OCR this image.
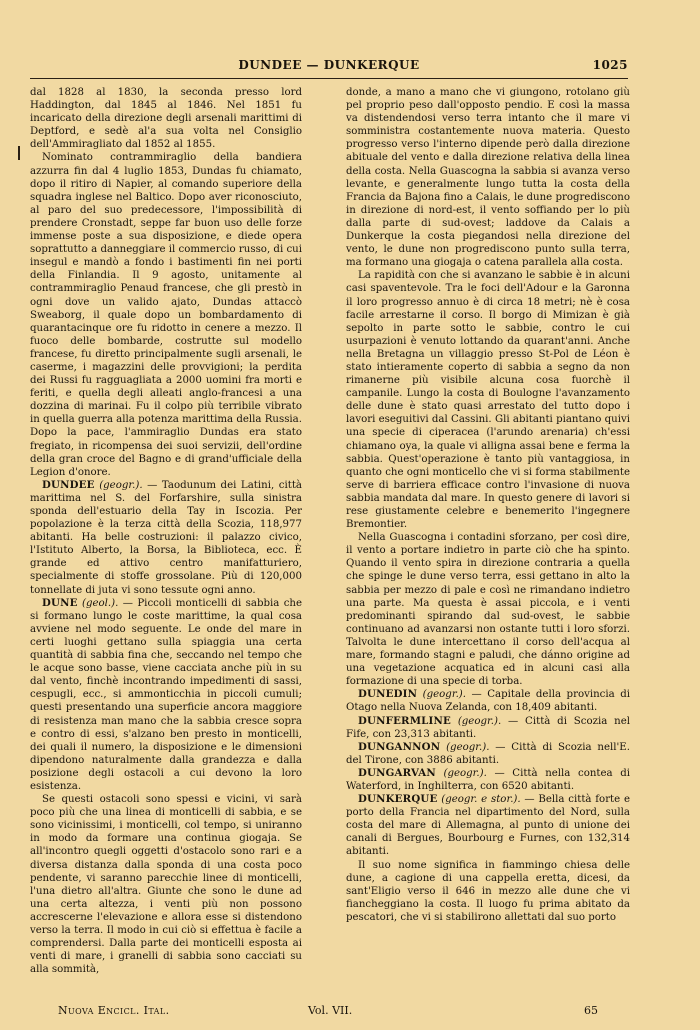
DUNDEE — DUNKERQUE	1025

dal 1828 al 1830, la seconda presso lord Haddington, dal 1845 al 1846. Nel 1851 fu incaricato della direzione degli arsenali marittimi di Deptford, e sedè al'a sua volta nel Consiglio dell'Ammiragliato dal 1852 al 1855.

Nominato contrammiraglio della bandiera azzurra fin dal 4 luglio 1853, Dundas fu chiamato, dopo il ritiro di Napier, al comando superiore della squadra inglese nel Baltico. Dopo aver riconosciuto, al paro del suo predecessore, l'impossibilità di prendere Cronstadt, seppe far buon uso delle forze immense poste a sua disposizione, e diede opera soprattutto a danneggiare il commercio russo, di cui insegul e mandò a fondo i bastimenti fin nei porti della Finlandia. Il 9 agosto, unitamente al contrammiraglio Penaud francese, che gli prestò in ogni dove un valido ajato, Dundas attaccò Sweaborg, il quale dopo un bombardamento di quarantacinque ore fu ridotto in cenere a mezzo. Il fuoco delle bombarde, costrutte sul modello francese, fu diretto principalmente sugli arsenali, le caserme, i magazzini delle provvigioni; la perdita dei Russi fu ragguagliata a 2000 uomini fra morti e feriti, e quella degli alleati anglo-francesi a una dozzina di marinai. Fu il colpo più terribile vibrato in quella guerra alla potenza marittima della Russia. Dopo la pace, l'ammiraglio Dundas era stato fregiato, in ricompensa dei suoi servizii, dell'ordine della gran croce del Bagno e di grand'ufficiale della Legion d'onore.

DUNDEE (geogr.). — Taodunum dei Latini, città marittima nel S. del Forfarshire, sulla sinistra sponda dell'estuario della Tay in Iscozia. Per popolazione è la terza città della Scozia, 118,977 abitanti. Ha belle costruzioni: il palazzo civico, l'Istituto Alberto, la Borsa, la Biblioteca, ecc. È grande ed attivo centro manifatturiero, specialmente di stoffe grossolane. Più di 120,000 tonnellate di juta vi sono tessute ogni anno.

DUNE (geol.). — Piccoli monticelli di sabbia che si formano lungo le coste marittime, la qual cosa avviene nel modo seguente. Le onde del mare in certi luoghi gettano sulla spiaggia una certa quantità di sabbia fina che, seccando nel tempo che le acque sono basse, viene cacciata anche più in su dal vento, finchè incontrando impedimenti di sassi, cespugli, ecc., si ammonticchia in piccoli cumuli; questi presentando una superficie ancora maggiore di resistenza man mano che la sabbia cresce sopra e contro di essi, s'alzano ben presto in monticelli, dei quali il numero, la disposizione e le dimensioni dipendono naturalmente dalla grandezza e dalla posizione degli ostacoli a cui devono la loro esistenza.

Se questi ostacoli sono spessi e vicini, vi sarà poco più che una linea di monticelli di sabbia, e se sono vicinissimi, i monticelli, col tempo, si uniranno in modo da formare una continua giogaja. Se all'incontro quegli oggetti d'ostacolo sono rari e a diversa distanza dalla sponda di una costa poco pendente, vi saranno parecchie linee di monticelli, l'una dietro all'altra. Giunte che sono le dune ad una certa altezza, i venti più non possono accrescerne l'elevazione e allora esse si distendono verso la terra. Il modo in cui ciò si effettua è facile a comprendersi. Dalla parte dei monticelli esposta ai venti di mare, i granelli di sabbia sono cacciati su alla sommità,

donde, a mano a mano che vi giungono, rotolano giù pel proprio peso dall'opposto pendio. E così la massa va distendendosi verso terra intanto che il mare vi somministra costantemente nuova materia. Questo progresso verso l'interno dipende però dalla direzione abituale del vento e dalla direzione relativa della linea della costa. Nella Guascogna la sabbia si avanza verso levante, e generalmente lungo tutta la costa della Francia da Bajona fino a Calais, le dune progrediscono in direzione di nord-est, il vento soffiando per lo più dalla parte di sud-ovest; laddove da Calais a Dunkerque la costa piegandosi nella direzione del vento, le dune non progrediscono punto sulla terra, ma formano una giogaja o catena parallela alla costa.

La rapidità con che si avanzano le sabbie è in alcuni casi spaventevole. Tra le foci dell'Adour e la Garonna il loro progresso annuo è di circa 18 metri; nè è cosa facile arrestarne il corso. Il borgo di Mimizan è già sepolto in parte sotto le sabbie, contro le cui usurpazioni è venuto lottando da quarant'anni. Anche nella Bretagna un villaggio presso St-Pol de Léon è stato intieramente coperto di sabbia a segno da non rimanerne più visibile alcuna cosa fuorchè il campanile. Lungo la costa di Boulogne l'avanzamento delle dune è stato quasi arrestato del tutto dopo i lavori eseguitivi dal Cassini. Gli abitanti piantano quivi una specie di ciperacea (l'arundo arenaria) ch'essi chiamano oya, la quale vi allignа assai bene e ferma la sabbia. Quest'operazione è tanto più vantaggiosa, in quanto che ogni monticello che vi si forma stabilmente serve di barriera efficace contro l'invasione di nuova sabbia mandata dal mare. In questo genere di lavori si rese giustamente celebre e benemerito l'ingegnere Bremontier.

Nella Guascogna i contadini sforzano, per così dire, il vento a portare indietro in parte ciò che ha spinto. Quando il vento spira in direzione contraria a quella che spinge le dune verso terra, essi gettano in alto la sabbia per mezzo di pale e così ne rimandano indietro una parte. Ma questa è assai piccola, e i venti predominanti spirando dal sud-ovest, le sabbie continuano ad avanzarsi non ostante tutti i loro sforzi. Talvolta le dune intercettano il corso dell'acqua al mare, formando stagni e paludi, che dánno origine ad una vegetazione acquatica ed in alcuni casi alla formazione di una specie di torba.

DUNEDIN (geogr.). — Capitale della provincia di Otago nella Nuova Zelanda, con 18,409 abitanti.

DUNFERMLINE (geogr.). — Città di Scozia nel Fife, con 23,313 abitanti.

DUNGANNON (geogr.). — Città di Scozia nell'E. del Tirone, con 3886 abitanti.

DUNGARVAN (geogr.). — Città nella contea di Waterford, in Inghilterra, con 6520 abitanti.

DUNKERQUE (geogr. e stor.). — Bella città forte e porto della Francia nel dipartimento del Nord, sulla costa del mare di Allemagna, al punto di unione dei canali di Bergues, Bourbourg e Furnes, con 132,314 abitanti.

Il suo nome significa in fiammingo chiesa delle dune, a cagione di una cappella eretta, dicesi, da sant'Eligio verso il 646 in mezzo alle dune che vi fiancheggiano la costa. Il luogo fu prima abitato da pescatori, che vi si stabilirono allettati dal suo porto

Nuova Encicl. Ital.	Vol. VII.	65
